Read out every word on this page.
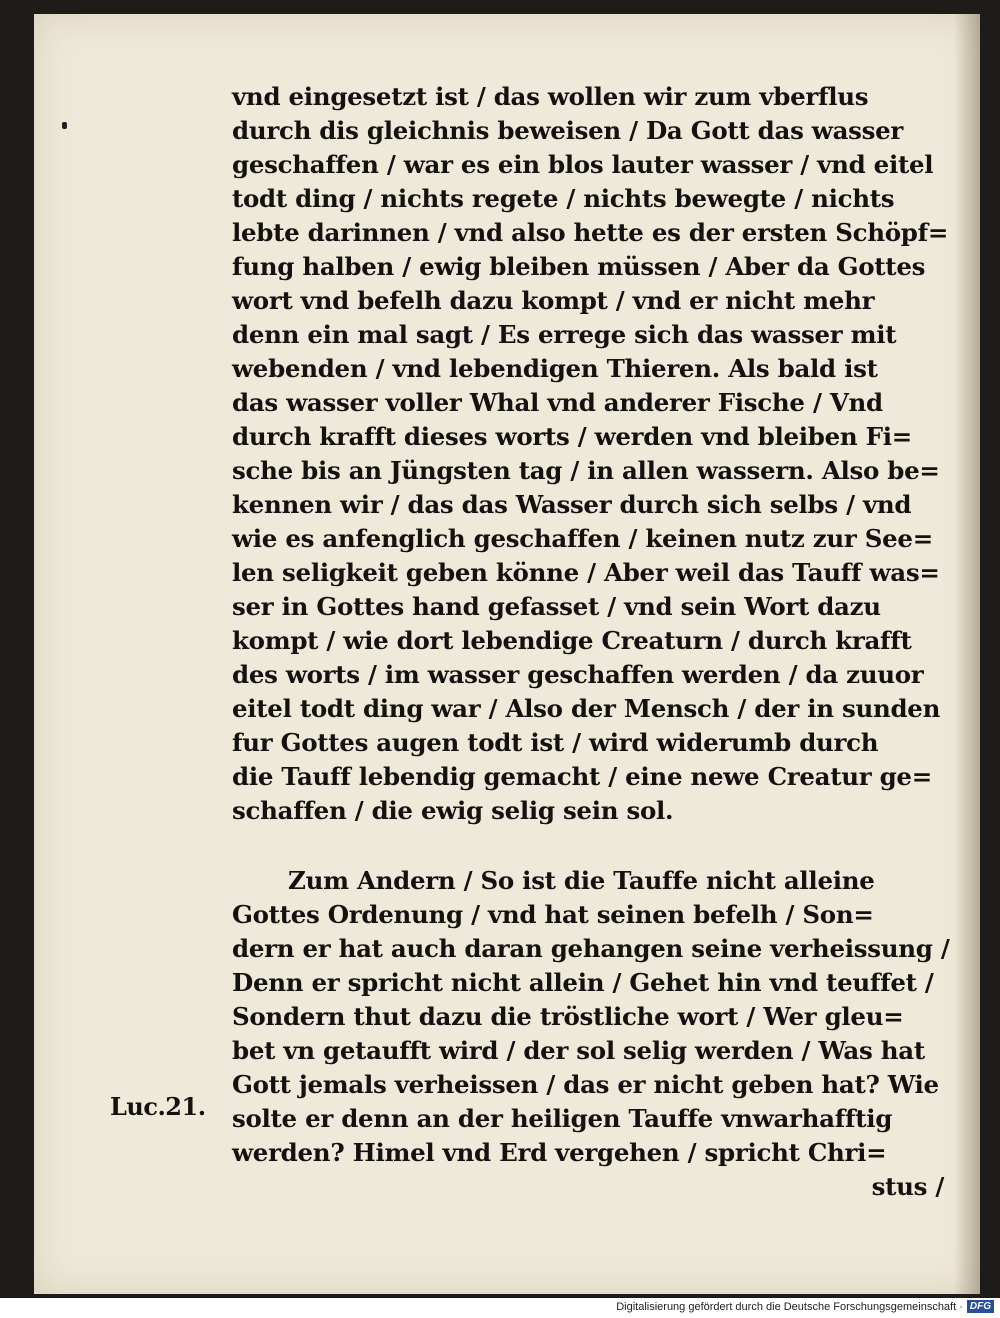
vnd eingesetzt ist / das wollen wir zum vberflus
durch dis gleichnis beweisen / Da Gott das wasser
geschaffen / war es ein blos lauter wasser / vnd eitel
todt ding / nichts regete / nichts bewegte / nichts
lebte darinnen / vnd also hette es der ersten Schöpf=
fung halben / ewig bleiben müssen / Aber da Gottes
wort vnd befelh dazu kompt / vnd er nicht mehr
denn ein mal sagt / Es errege sich das wasser mit
webenden / vnd lebendigen Thieren. Als bald ist
das wasser voller Whal vnd anderer Fische / Vnd
durch krafft dieses worts / werden vnd bleiben Fi=
sche bis an Jüngsten tag / in allen wassern. Also be=
kennen wir / das das Wasser durch sich selbs / vnd
wie es anfenglich geschaffen / keinen nutz zur See=
len seligkeit geben könne / Aber weil das Tauff was=
ser in Gottes hand gefasset / vnd sein Wort dazu
kompt / wie dort lebendige Creaturn / durch krafft
des worts / im wasser geschaffen werden / da zuuor
eitel todt ding war / Also der Mensch / der in sunden
fur Gottes augen todt ist / wird widerumb durch
die Tauff lebendig gemacht / eine newe Creatur ge=
schaffen / die ewig selig sein sol.
Zum Andern / So ist die Tauffe nicht alleine
Gottes Ordenung / vnd hat seinen befelh / Son=
dern er hat auch daran gehangen seine verheissung /
Denn er spricht nicht allein / Gehet hin vnd teuffet /
Sondern thut dazu die tröstliche wort / Wer gleu=
bet vn getaufft wird / der sol selig werden / Was hat
Gott jemals verheissen / das er nicht geben hat? Wie
solte er denn an der heiligen Tauffe vnwarhafftig
werden? Himel vnd Erd vergehen / spricht Chri=
stus /
Luc.21.
Digitalisierung gefördert durch die Deutsche Forschungsgemeinschaft · DFG
